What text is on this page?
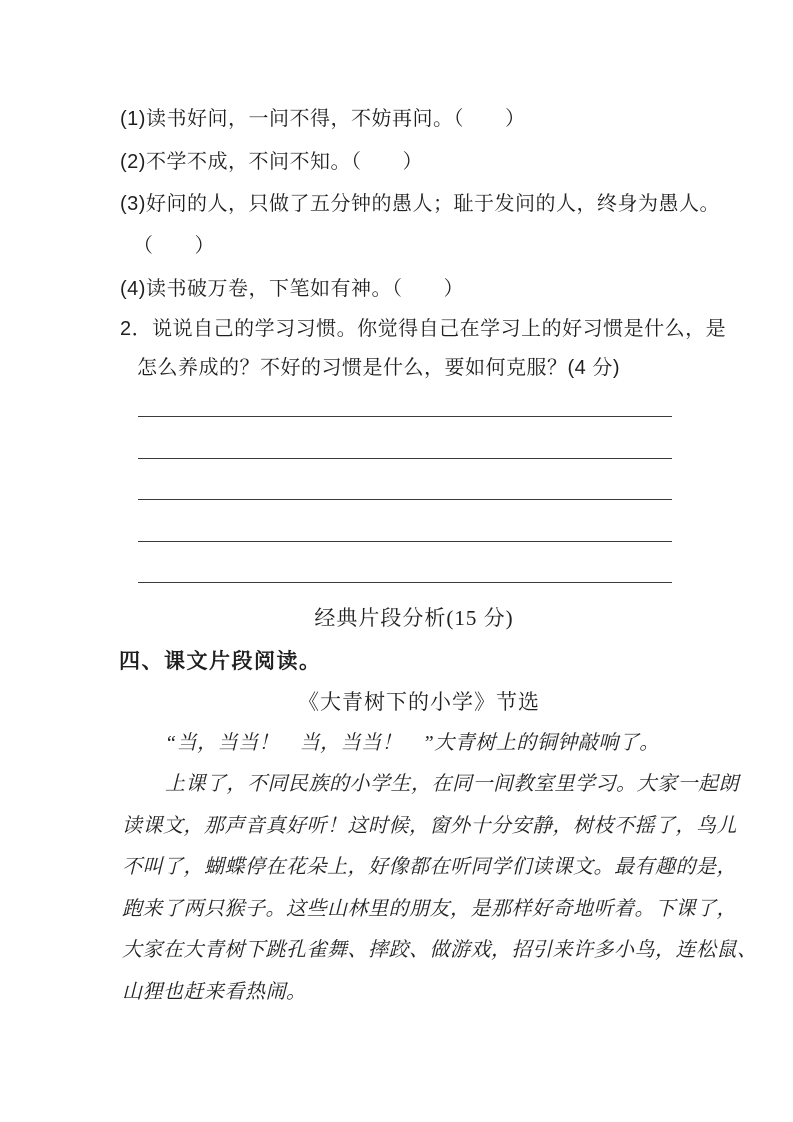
(1)读书好问，一问不得，不妨再问。（　　）
(2)不学不成，不问不知。（　　）
(3)好问的人，只做了五分钟的愚人；耻于发问的人，终身为愚人。
（　　）
(4)读书破万卷，下笔如有神。（　　）
2．说说自己的学习习惯。你觉得自己在学习上的好习惯是什么，是
怎么养成的？不好的习惯是什么，要如何克服？(4 分)
经典片段分析(15 分)
四、课文片段阅读。
《大青树下的小学》节选
“当，当当！　当，当当！　”大青树上的铜钟敲响了。
上课了，不同民族的小学生，在同一间教室里学习。大家一起朗
读课文，那声音真好听！这时候，窗外十分安静，树枝不摇了，鸟儿
不叫了，蝴蝶停在花朵上，好像都在听同学们读课文。最有趣的是，
跑来了两只猴子。这些山林里的朋友，是那样好奇地听着。下课了，
大家在大青树下跳孔雀舞、摔跤、做游戏，招引来许多小鸟，连松鼠、
山狸也赶来看热闹。
